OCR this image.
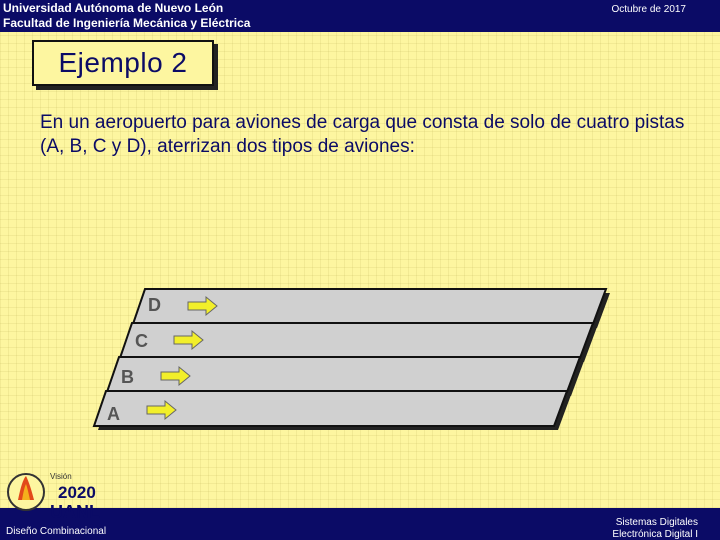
Universidad Autónoma de Nuevo León
Facultad de Ingeniería Mecánica y Eléctrica
Octubre de 2017
Ejemplo 2
En un aeropuerto para aviones de carga que consta de solo de cuatro pistas (A, B, C y D), aterrizan dos tipos de aviones:
D
C
B
A
Diseño Combinacional
Sistemas Digitales
Electrónica Digital I
Visión
2020
UANL
